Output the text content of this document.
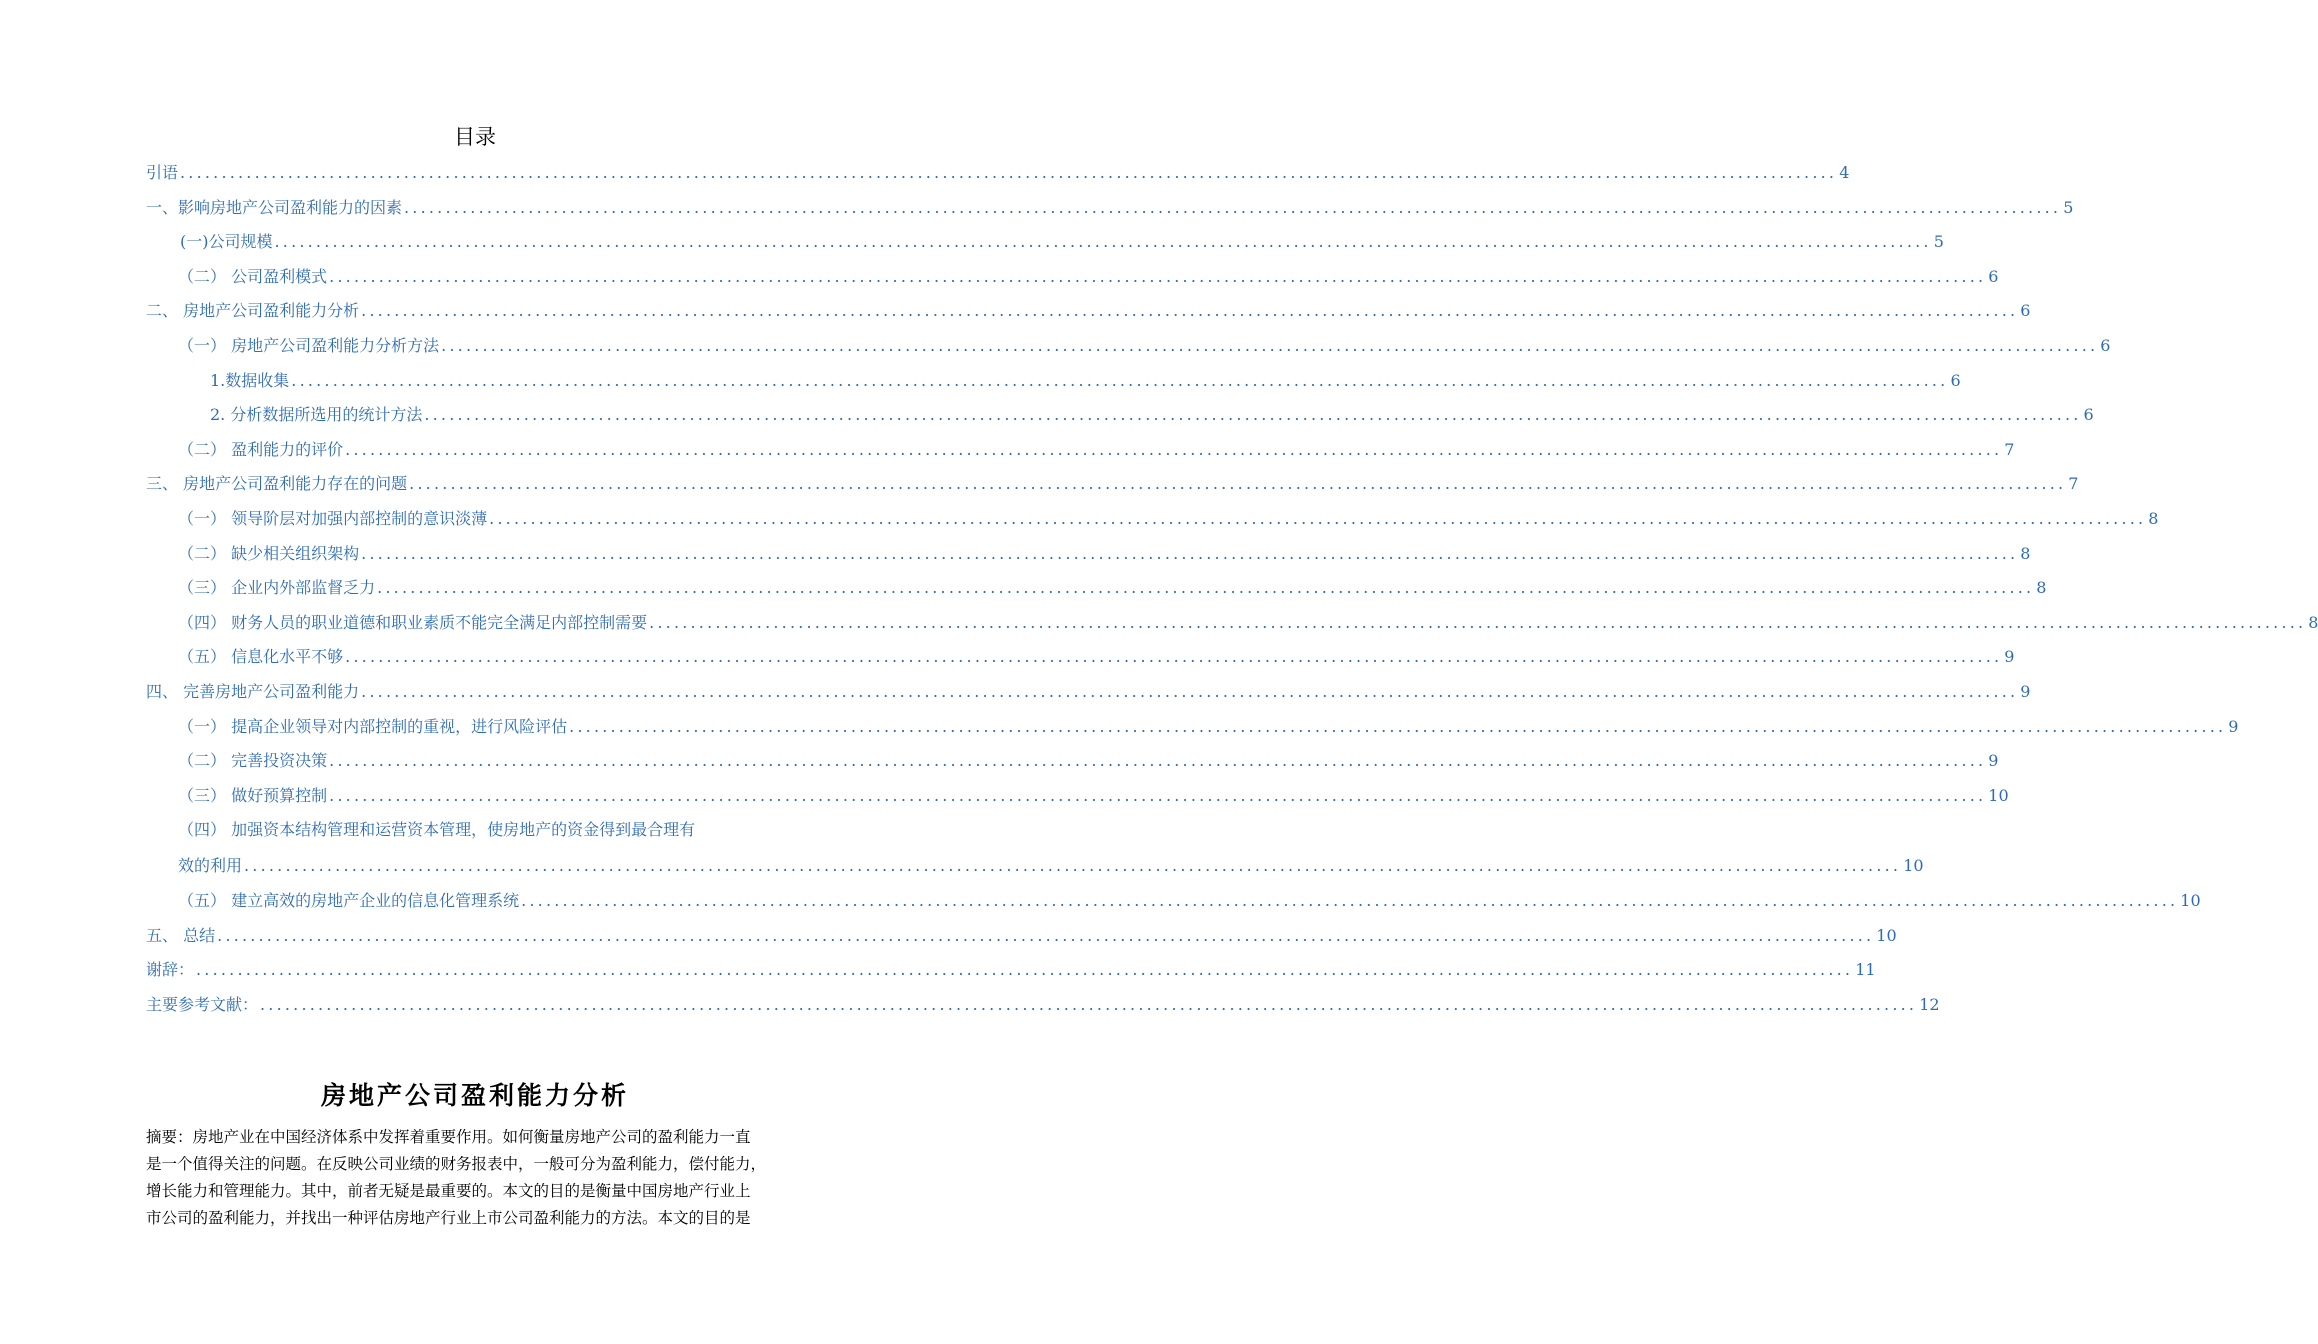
目录
引语 ........................................................................................................................................................................................................ 4
一、影响房地产公司盈利能力的因素 ........................................................................................................................................................................................................ 5
(一)公司规模 ........................................................................................................................................................................................................ 5
（二） 公司盈利模式 ........................................................................................................................................................................................................ 6
二、 房地产公司盈利能力分析 ........................................................................................................................................................................................................ 6
（一） 房地产公司盈利能力分析方法 ........................................................................................................................................................................................................ 6
1.数据收集 ........................................................................................................................................................................................................ 6
2. 分析数据所选用的统计方法 ........................................................................................................................................................................................................ 6
（二） 盈利能力的评价 ........................................................................................................................................................................................................ 7
三、 房地产公司盈利能力存在的问题 ........................................................................................................................................................................................................ 7
（一） 领导阶层对加强内部控制的意识淡薄 ........................................................................................................................................................................................................ 8
（二） 缺少相关组织架构 ........................................................................................................................................................................................................ 8
（三） 企业内外部监督乏力 ........................................................................................................................................................................................................ 8
（四） 财务人员的职业道德和职业素质不能完全满足内部控制需要 ........................................................................................................................................................................................................ 8
（五） 信息化水平不够 ........................................................................................................................................................................................................ 9
四、 完善房地产公司盈利能力 ........................................................................................................................................................................................................ 9
（一） 提高企业领导对内部控制的重视，进行风险评估 ........................................................................................................................................................................................................ 9
（二） 完善投资决策 ........................................................................................................................................................................................................ 9
（三） 做好预算控制 ........................................................................................................................................................................................................ 10
（四） 加强资本结构管理和运营资本管理，使房地产的资金得到最合理有
效的利用 ........................................................................................................................................................................................................ 10
（五） 建立高效的房地产企业的信息化管理系统 ........................................................................................................................................................................................................ 10
五、 总结 ........................................................................................................................................................................................................ 10
谢辞： ........................................................................................................................................................................................................ 11
主要参考文献： ........................................................................................................................................................................................................ 12
房地产公司盈利能力分析
摘要：房地产业在中国经济体系中发挥着重要作用。如何衡量房地产公司的盈利能力一直
是一个值得关注的问题。在反映公司业绩的财务报表中，一般可分为盈利能力，偿付能力，
增长能力和管理能力。其中，前者无疑是最重要的。本文的目的是衡量中国房地产行业上
市公司的盈利能力，并找出一种评估房地产行业上市公司盈利能力的方法。本文的目的是
